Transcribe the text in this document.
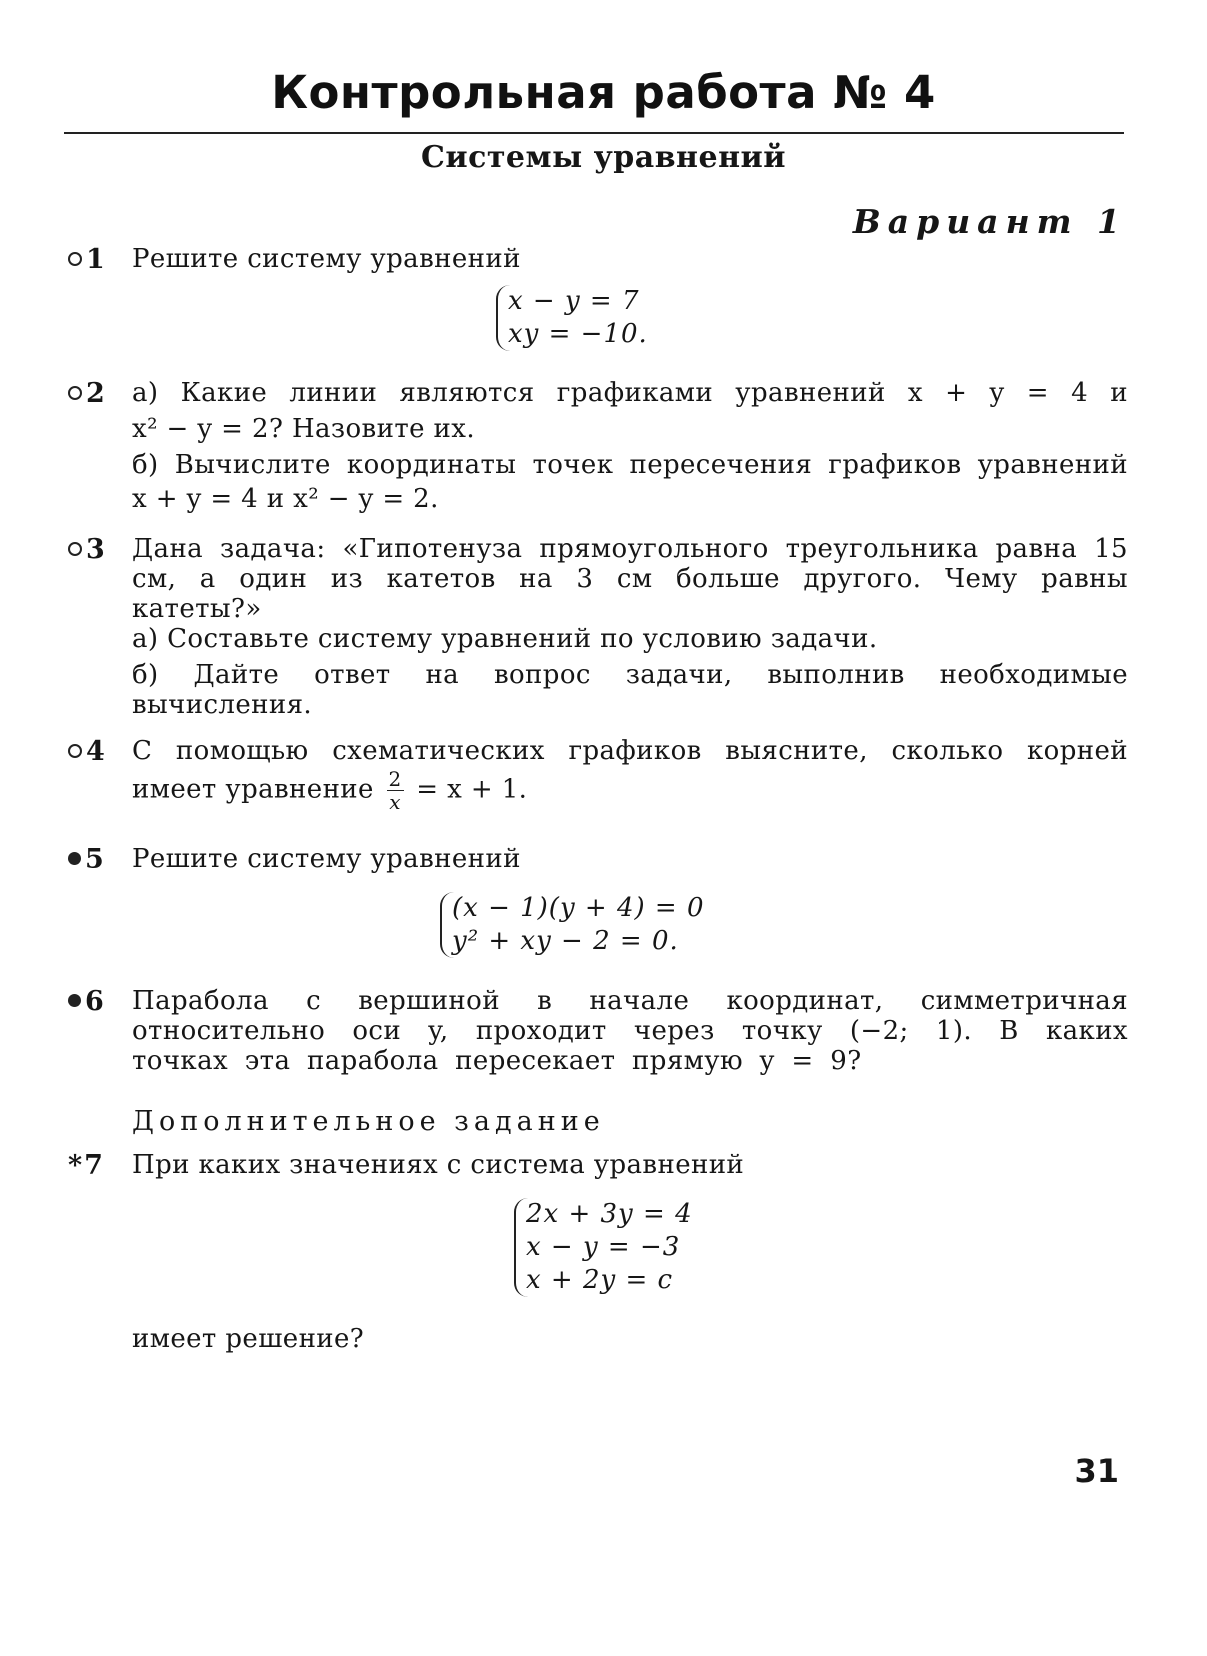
Контрольная работа № 4
Системы уравнений
Вариант 1
1	Решите систему уравнений
x − y = 7
xy = −10.
2	а) Какие линии являются графиками уравнений x + y = 4 и
x² − y = 2? Назовите их.
б) Вычислите координаты точек пересечения графиков уравнений
x + y = 4 и x² − y = 2.
3	Дана задача: «Гипотенуза прямоугольного треугольника равна 15 см, а один из катетов на 3 см больше другого. Чему равны катеты?»
а) Составьте систему уравнений по условию задачи.
б) Дайте ответ на вопрос задачи, выполнив необходимые вычисления.
4	С помощью схематических графиков выясните, сколько корней
имеет уравнение $\frac{2}{x} = x + 1$.
5	Решите систему уравнений
(x − 1)(y + 4) = 0
y² + xy − 2 = 0.
6	Парабола с вершиной в начале координат, симметричная относительно оси y, проходит через точку (−2; 1). В каких точках эта парабола пересекает прямую y = 9?
Дополнительное задание
*7	При каких значениях c система уравнений
2x + 3y = 4
x − y = −3
x + 2y = c
имеет решение?
31
